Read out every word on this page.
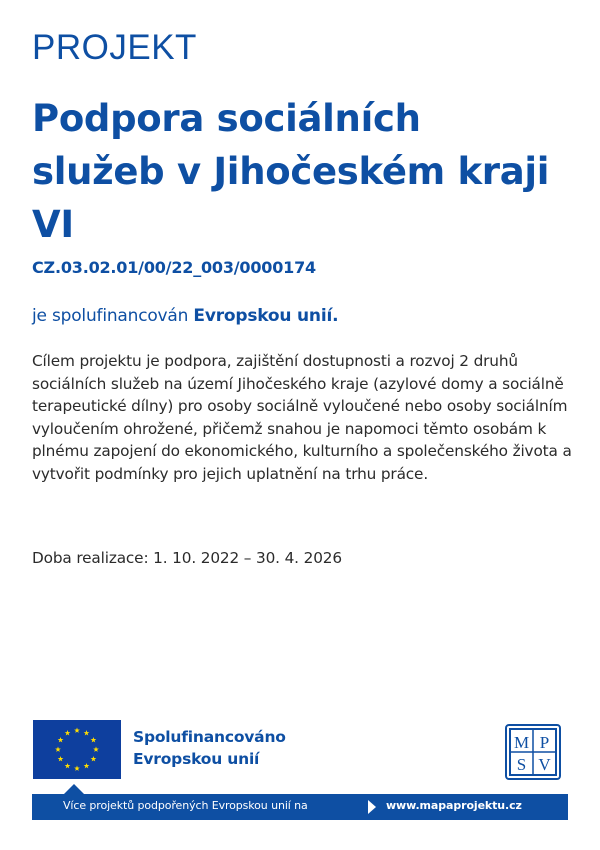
PROJEKT

Podpora sociálních služeb v Jihočeském kraji VI

CZ.03.02.01/00/22_003/0000174

je spolufinancován Evropskou unií.

Cílem projektu je podpora, zajištění dostupnosti a rozvoj 2 druhů sociálních služeb na území Jihočeského kraje (azylové domy a sociálně terapeutické dílny) pro osoby sociálně vyloučené nebo osoby sociálním vyloučením ohrožené, přičemž snahou je napomoci těmto osobám k plnému zapojení do ekonomického, kulturního a společenského života a vytvořit podmínky pro jejich uplatnění na trhu práce.

Doba realizace: 1. 10. 2022 – 30. 4. 2026

Spolufinancováno
Evropskou unií

M P
S V

Více projektů podpořených Evropskou unií na	www.mapaprojektu.cz
